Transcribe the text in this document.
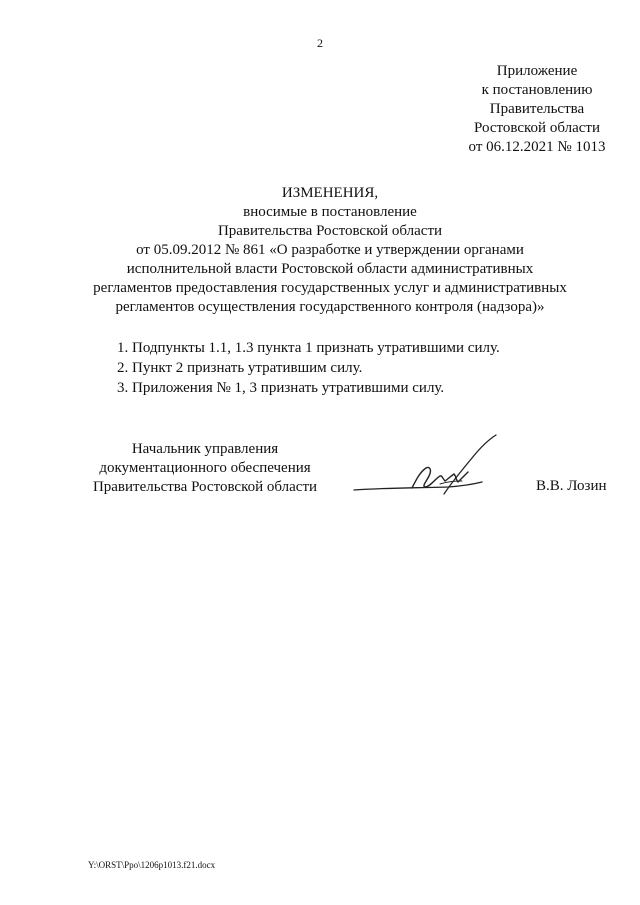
2
Приложение
к постановлению
Правительства
Ростовской области
от 06.12.2021 № 1013
ИЗМЕНЕНИЯ,
вносимые в постановление
Правительства Ростовской области
от 05.09.2012 № 861 «О разработке и утверждении органами
исполнительной власти Ростовской области административных
регламентов предоставления государственных услуг и административных
регламентов осуществления государственного контроля (надзора)»
1. Подпункты 1.1, 1.3 пункта 1 признать утратившими силу.
2. Пункт 2 признать утратившим силу.
3. Приложения № 1, 3 признать утратившими силу.
Начальник управления
документационного обеспечения
Правительства Ростовской области	В.В. Лозин
Y:\ORST\Ppo\1206p1013.f21.docx
